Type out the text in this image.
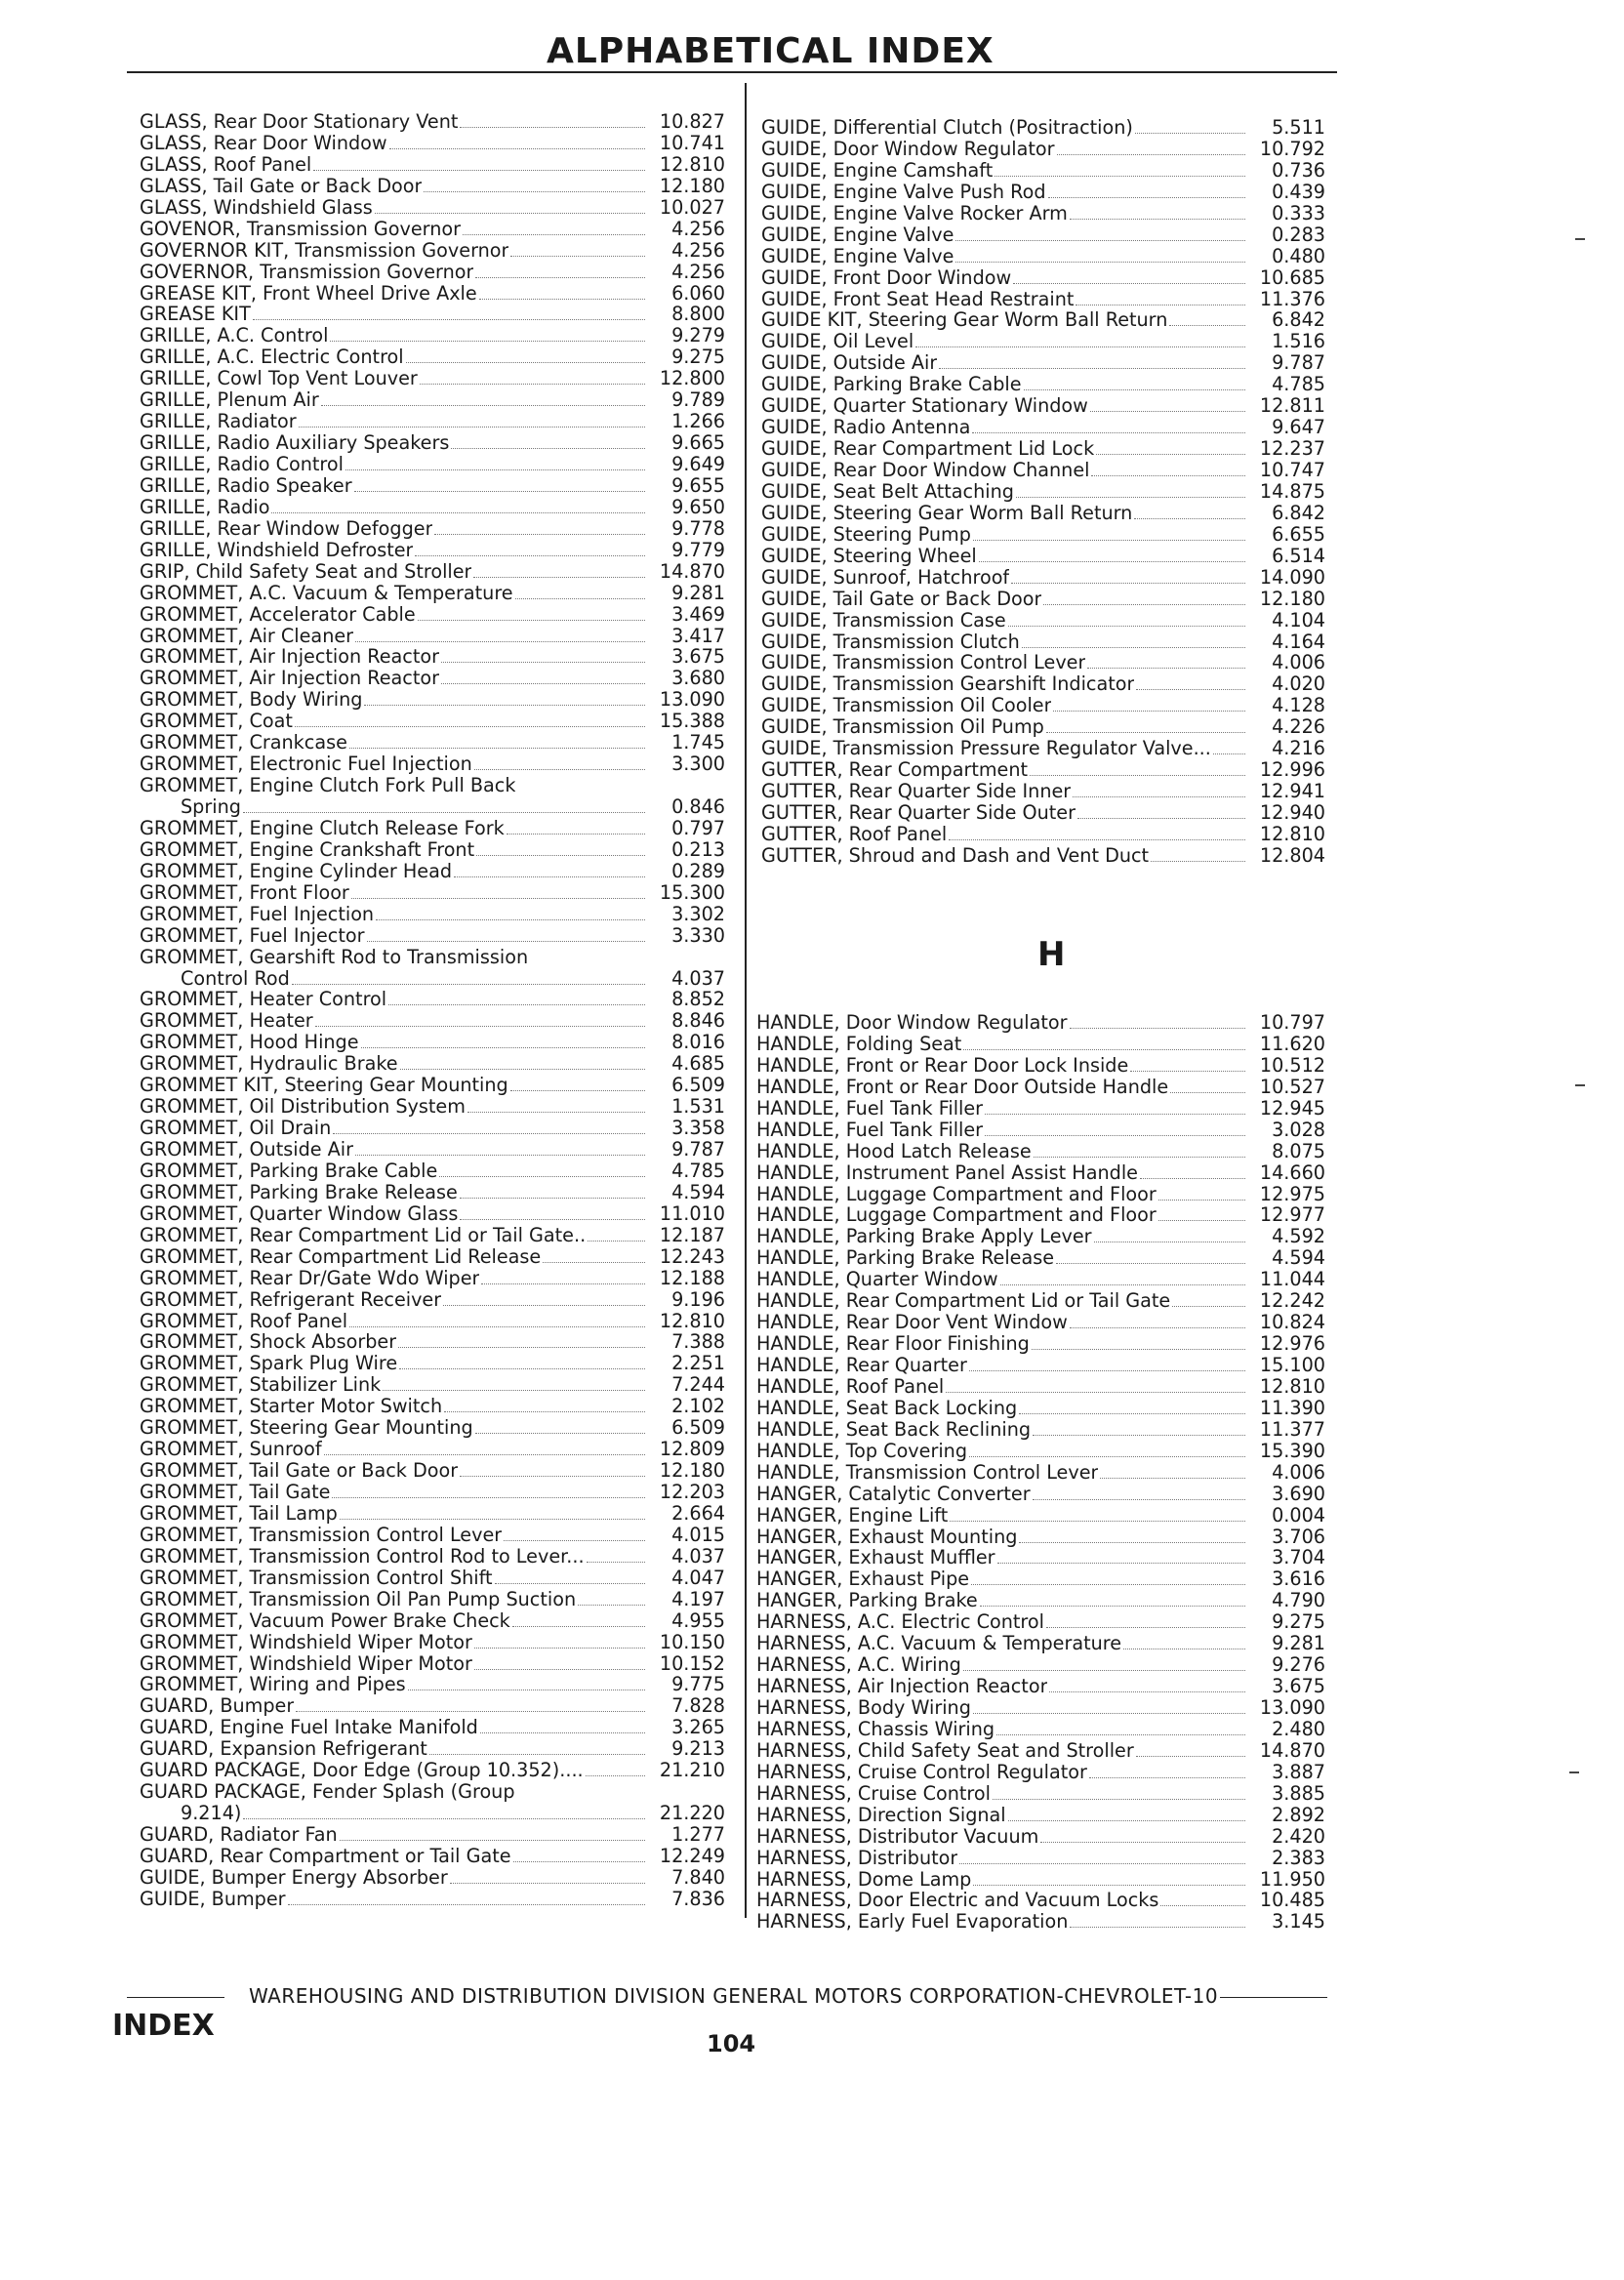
ALPHABETICAL INDEX
GLASS, Rear Door Stationary Vent	10.827
GLASS, Rear Door Window	10.741
GLASS, Roof Panel	12.810
GLASS, Tail Gate or Back Door	12.180
GLASS, Windshield Glass	10.027
GOVENOR, Transmission Governor	4.256
GOVERNOR KIT, Transmission Governor	4.256
GOVERNOR, Transmission Governor	4.256
GREASE KIT, Front Wheel Drive Axle	6.060
GREASE KIT	8.800
GRILLE, A.C. Control	9.279
GRILLE, A.C. Electric Control	9.275
GRILLE, Cowl Top Vent Louver	12.800
GRILLE, Plenum Air	9.789
GRILLE, Radiator	1.266
GRILLE, Radio Auxiliary Speakers	9.665
GRILLE, Radio Control	9.649
GRILLE, Radio Speaker	9.655
GRILLE, Radio	9.650
GRILLE, Rear Window Defogger	9.778
GRILLE, Windshield Defroster	9.779
GRIP, Child Safety Seat and Stroller	14.870
GROMMET, A.C. Vacuum & Temperature	9.281
GROMMET, Accelerator Cable	3.469
GROMMET, Air Cleaner	3.417
GROMMET, Air Injection Reactor	3.675
GROMMET, Air Injection Reactor	3.680
GROMMET, Body Wiring	13.090
GROMMET, Coat	15.388
GROMMET, Crankcase	1.745
GROMMET, Electronic Fuel Injection	3.300
GROMMET, Engine Clutch Fork Pull Back
Spring	0.846
GROMMET, Engine Clutch Release Fork	0.797
GROMMET, Engine Crankshaft Front	0.213
GROMMET, Engine Cylinder Head	0.289
GROMMET, Front Floor	15.300
GROMMET, Fuel Injection	3.302
GROMMET, Fuel Injector	3.330
GROMMET, Gearshift Rod to Transmission
Control Rod	4.037
GROMMET, Heater Control	8.852
GROMMET, Heater	8.846
GROMMET, Hood Hinge	8.016
GROMMET, Hydraulic Brake	4.685
GROMMET KIT, Steering Gear Mounting	6.509
GROMMET, Oil Distribution System	1.531
GROMMET, Oil Drain	3.358
GROMMET, Outside Air	9.787
GROMMET, Parking Brake Cable	4.785
GROMMET, Parking Brake Release	4.594
GROMMET, Quarter Window Glass	11.010
GROMMET, Rear Compartment Lid or Tail Gate..	12.187
GROMMET, Rear Compartment Lid Release	12.243
GROMMET, Rear Dr/Gate Wdo Wiper	12.188
GROMMET, Refrigerant Receiver	9.196
GROMMET, Roof Panel	12.810
GROMMET, Shock Absorber	7.388
GROMMET, Spark Plug Wire	2.251
GROMMET, Stabilizer Link	7.244
GROMMET, Starter Motor Switch	2.102
GROMMET, Steering Gear Mounting	6.509
GROMMET, Sunroof	12.809
GROMMET, Tail Gate or Back Door	12.180
GROMMET, Tail Gate	12.203
GROMMET, Tail Lamp	2.664
GROMMET, Transmission Control Lever	4.015
GROMMET, Transmission Control Rod to Lever...	4.037
GROMMET, Transmission Control Shift	4.047
GROMMET, Transmission Oil Pan Pump Suction	4.197
GROMMET, Vacuum Power Brake Check	4.955
GROMMET, Windshield Wiper Motor	10.150
GROMMET, Windshield Wiper Motor	10.152
GROMMET, Wiring and Pipes	9.775
GUARD, Bumper	7.828
GUARD, Engine Fuel Intake Manifold	3.265
GUARD, Expansion Refrigerant	9.213
GUARD PACKAGE, Door Edge (Group 10.352)....	21.210
GUARD PACKAGE, Fender Splash (Group
9.214)	21.220
GUARD, Radiator Fan	1.277
GUARD, Rear Compartment or Tail Gate	12.249
GUIDE, Bumper Energy Absorber	7.840
GUIDE, Bumper	7.836
GUIDE, Differential Clutch (Positraction)	5.511
GUIDE, Door Window Regulator	10.792
GUIDE, Engine Camshaft	0.736
GUIDE, Engine Valve Push Rod	0.439
GUIDE, Engine Valve Rocker Arm	0.333
GUIDE, Engine Valve	0.283
GUIDE, Engine Valve	0.480
GUIDE, Front Door Window	10.685
GUIDE, Front Seat Head Restraint	11.376
GUIDE KIT, Steering Gear Worm Ball Return	6.842
GUIDE, Oil Level	1.516
GUIDE, Outside Air	9.787
GUIDE, Parking Brake Cable	4.785
GUIDE, Quarter Stationary Window	12.811
GUIDE, Radio Antenna	9.647
GUIDE, Rear Compartment Lid Lock	12.237
GUIDE, Rear Door Window Channel	10.747
GUIDE, Seat Belt Attaching	14.875
GUIDE, Steering Gear Worm Ball Return	6.842
GUIDE, Steering Pump	6.655
GUIDE, Steering Wheel	6.514
GUIDE, Sunroof, Hatchroof	14.090
GUIDE, Tail Gate or Back Door	12.180
GUIDE, Transmission Case	4.104
GUIDE, Transmission Clutch	4.164
GUIDE, Transmission Control Lever	4.006
GUIDE, Transmission Gearshift Indicator	4.020
GUIDE, Transmission Oil Cooler	4.128
GUIDE, Transmission Oil Pump	4.226
GUIDE, Transmission Pressure Regulator Valve...	4.216
GUTTER, Rear Compartment	12.996
GUTTER, Rear Quarter Side Inner	12.941
GUTTER, Rear Quarter Side Outer	12.940
GUTTER, Roof Panel	12.810
GUTTER, Shroud and Dash and Vent Duct	12.804
H
HANDLE, Door Window Regulator	10.797
HANDLE, Folding Seat	11.620
HANDLE, Front or Rear Door Lock Inside	10.512
HANDLE, Front or Rear Door Outside Handle	10.527
HANDLE, Fuel Tank Filler	12.945
HANDLE, Fuel Tank Filler	3.028
HANDLE, Hood Latch Release	8.075
HANDLE, Instrument Panel Assist Handle	14.660
HANDLE, Luggage Compartment and Floor	12.975
HANDLE, Luggage Compartment and Floor	12.977
HANDLE, Parking Brake Apply Lever	4.592
HANDLE, Parking Brake Release	4.594
HANDLE, Quarter Window	11.044
HANDLE, Rear Compartment Lid or Tail Gate	12.242
HANDLE, Rear Door Vent Window	10.824
HANDLE, Rear Floor Finishing	12.976
HANDLE, Rear Quarter	15.100
HANDLE, Roof Panel	12.810
HANDLE, Seat Back Locking	11.390
HANDLE, Seat Back Reclining	11.377
HANDLE, Top Covering	15.390
HANDLE, Transmission Control Lever	4.006
HANGER, Catalytic Converter	3.690
HANGER, Engine Lift	0.004
HANGER, Exhaust Mounting	3.706
HANGER, Exhaust Muffler	3.704
HANGER, Exhaust Pipe	3.616
HANGER, Parking Brake	4.790
HARNESS, A.C. Electric Control	9.275
HARNESS, A.C. Vacuum & Temperature	9.281
HARNESS, A.C. Wiring	9.276
HARNESS, Air Injection Reactor	3.675
HARNESS, Body Wiring	13.090
HARNESS, Chassis Wiring	2.480
HARNESS, Child Safety Seat and Stroller	14.870
HARNESS, Cruise Control Regulator	3.887
HARNESS, Cruise Control	3.885
HARNESS, Direction Signal	2.892
HARNESS, Distributor Vacuum	2.420
HARNESS, Distributor	2.383
HARNESS, Dome Lamp	11.950
HARNESS, Door Electric and Vacuum Locks	10.485
HARNESS, Early Fuel Evaporation	3.145
WAREHOUSING AND DISTRIBUTION DIVISION GENERAL MOTORS CORPORATION-CHEVROLET-10
INDEX
104
